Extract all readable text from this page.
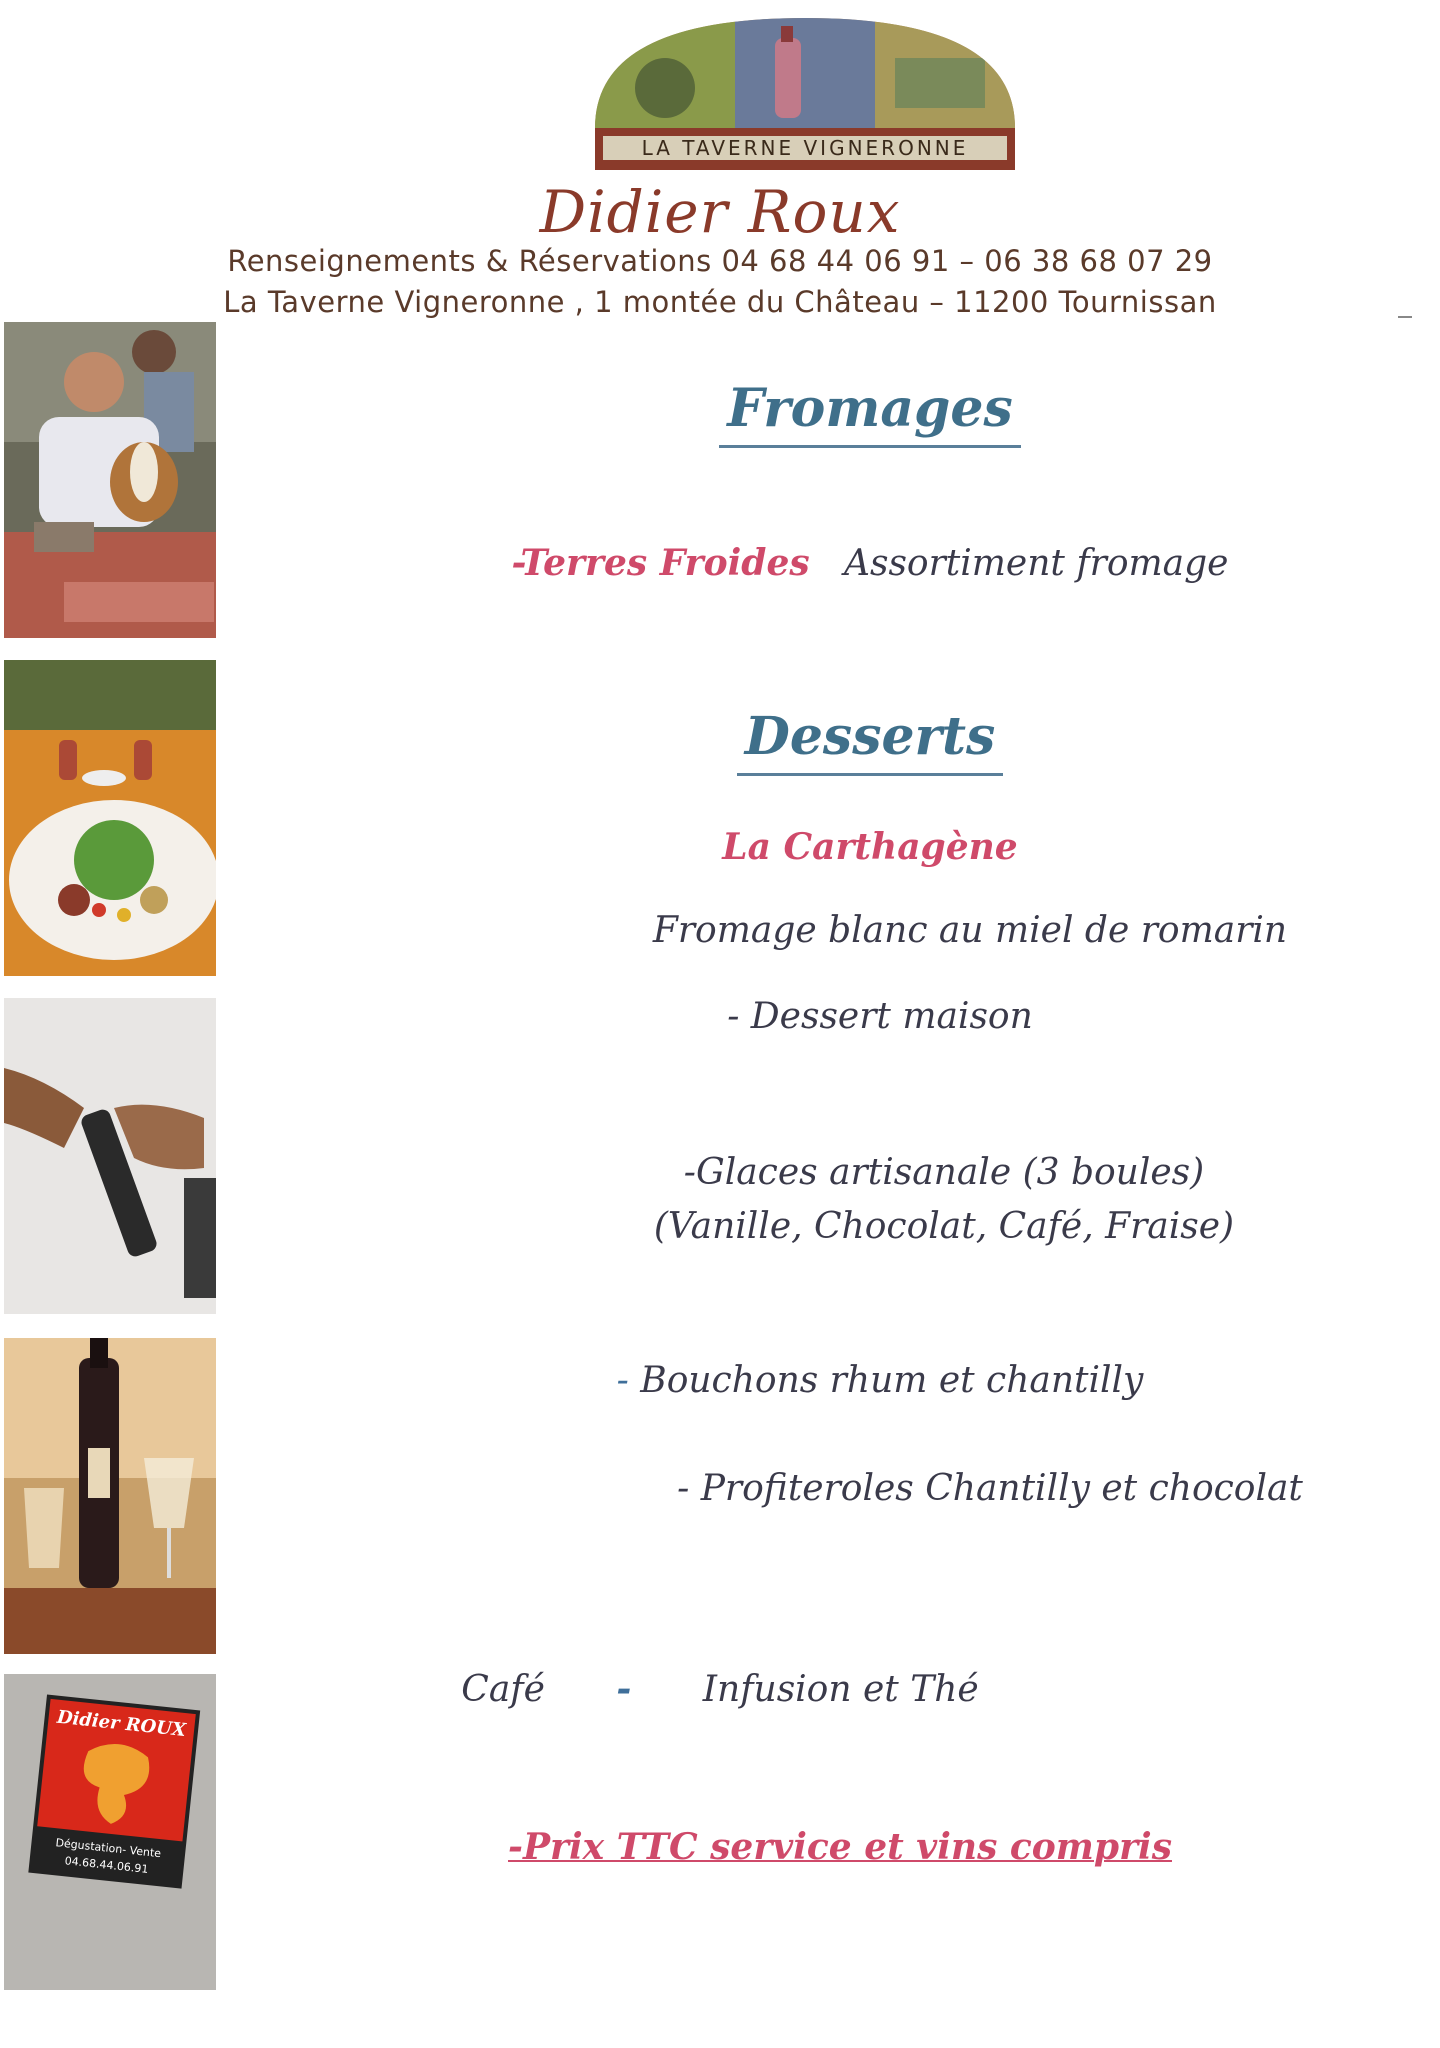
LA TAVERNE VIGNERONNE
Didier Roux
Renseignements & Réservations 04 68 44 06 91 – 06 38 68 07 29
La Taverne Vigneronne , 1 montée du Château – 11200 Tournissan
Didier ROUX
Dégustation- Vente
04.68.44.06.91
Fromages
-Terres Froides Assortiment fromage
Desserts
La Carthagène
Fromage blanc au miel de romarin
- Dessert maison
-Glaces artisanale (3 boules)
(Vanille, Chocolat, Café, Fraise)
- Bouchons rhum et chantilly
- Profiteroles Chantilly et chocolat
Café - Infusion et Thé
-Prix TTC service et vins compris
